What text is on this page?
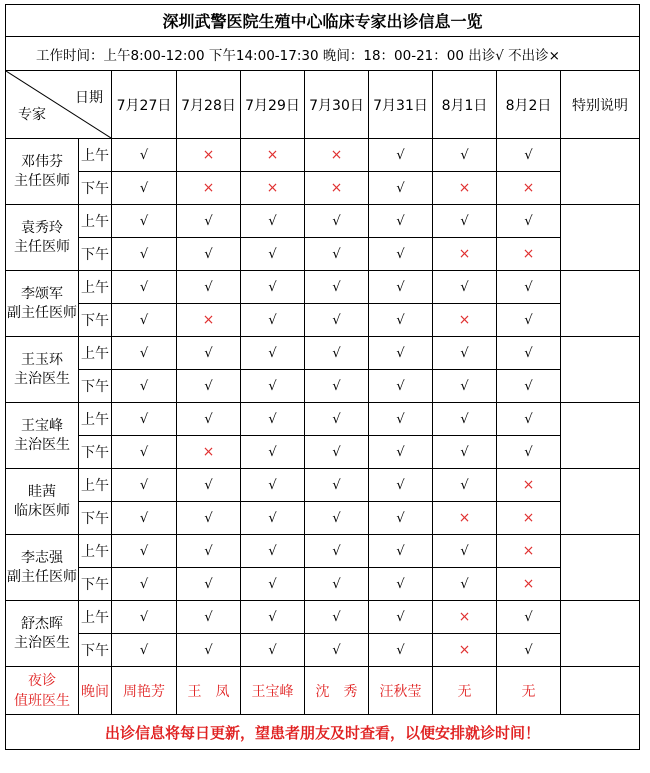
深圳武警医院生殖中心临床专家出诊信息一览									
工作时间：上午8:00-12:00 下午14:00-17:30 晚间：18：00-21：00 出诊√ 不出诊×									

日期
专家		7月27日	7月28日	7月29日	7月30日	7月31日	8月1日	8月2日	特别说明

邓伟芬
主任医师	上午	√	×	×	×	√	√	√	
	下午	√	×	×	×	√	×	×	

袁秀玲
主任医师	上午	√	√	√	√	√	√	√	
	下午	√	√	√	√	√	×	×	

李颂军
副主任医师	上午	√	√	√	√	√	√	√	
	下午	√	×	√	√	√	×	√	

王玉环
主治医生	上午	√	√	√	√	√	√	√	
	下午	√	√	√	√	√	√	√	

王宝峰
主治医生	上午	√	√	√	√	√	√	√	
	下午	√	×	√	√	√	√	√	

眭茜
临床医师	上午	√	√	√	√	√	√	×	
	下午	√	√	√	√	√	×	×	

李志强
副主任医师	上午	√	√	√	√	√	√	×	
	下午	√	√	√	√	√	√	×	

舒杰晖
主治医生	上午	√	√	√	√	√	×	√	
	下午	√	√	√	√	√	×	√	

夜诊
值班医生	晚间	周艳芳	王　凤	王宝峰	沈　秀	汪秋莹	无	无	
出诊信息将每日更新，望患者朋友及时查看，以便安排就诊时间！									
